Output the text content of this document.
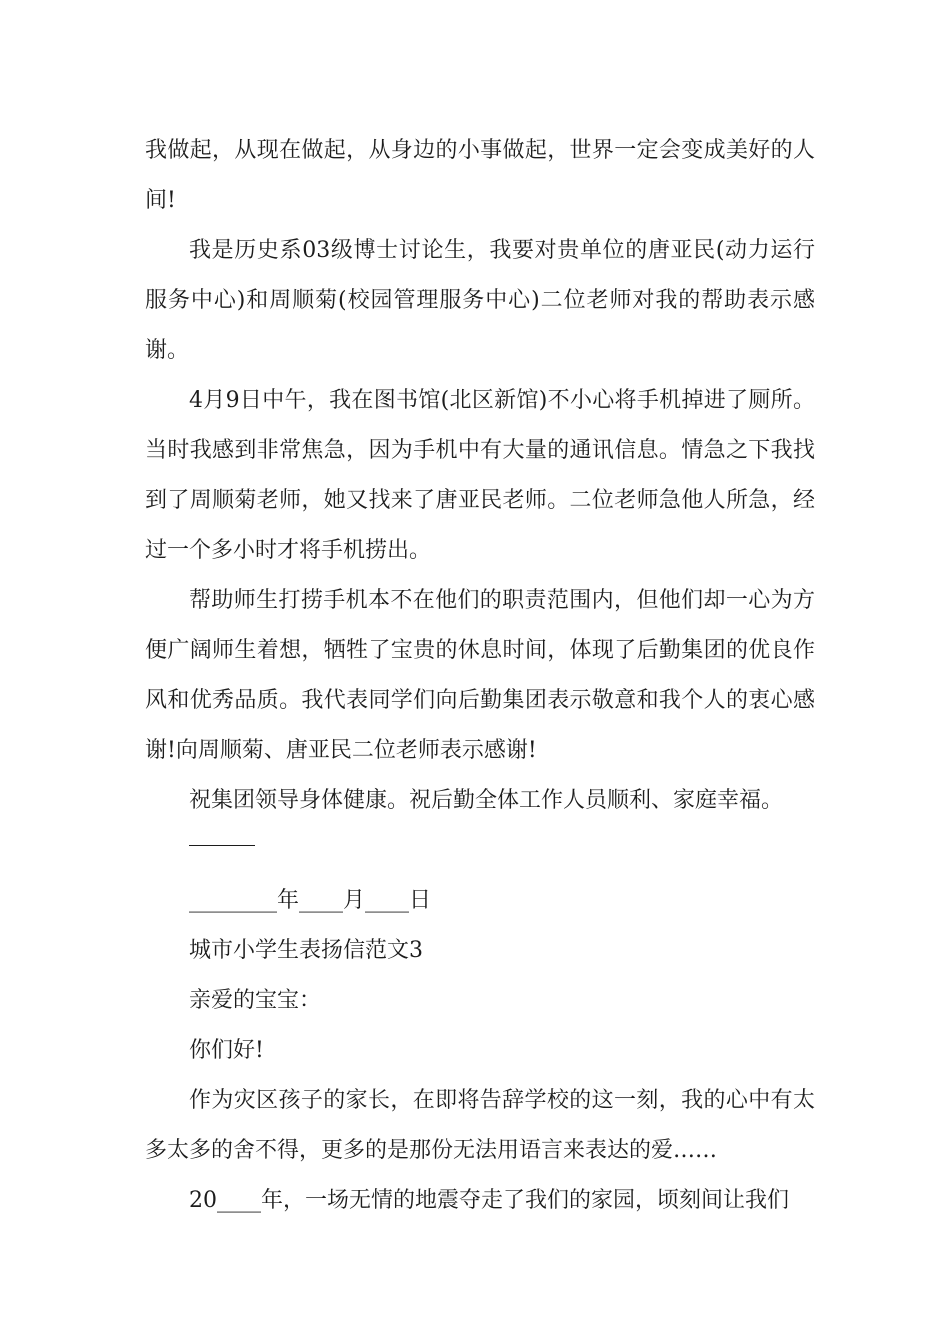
我做起，从现在做起，从身边的小事做起，世界一定会变成美好的人间!

我是历史系03级博士讨论生，我要对贵单位的唐亚民(动力运行服务中心)和周顺菊(校园管理服务中心)二位老师对我的帮助表示感谢。

4月9日中午，我在图书馆(北区新馆)不小心将手机掉进了厕所。当时我感到非常焦急，因为手机中有大量的通讯信息。情急之下我找到了周顺菊老师，她又找来了唐亚民老师。二位老师急他人所急，经过一个多小时才将手机捞出。

帮助师生打捞手机本不在他们的职责范围内，但他们却一心为方便广阔师生着想，牺牲了宝贵的休息时间，体现了后勤集团的优良作风和优秀品质。我代表同学们向后勤集团表示敬意和我个人的衷心感谢!向周顺菊、唐亚民二位老师表示感谢!

祝集团领导身体健康。祝后勤全体工作人员顺利、家庭幸福。

________年____月____日

城市小学生表扬信范文3

亲爱的宝宝：

你们好!

作为灾区孩子的家长，在即将告辞学校的这一刻，我的心中有太多太多的舍不得，更多的是那份无法用语言来表达的爱……

20____年，一场无情的地震夺走了我们的家园，顷刻间让我们
